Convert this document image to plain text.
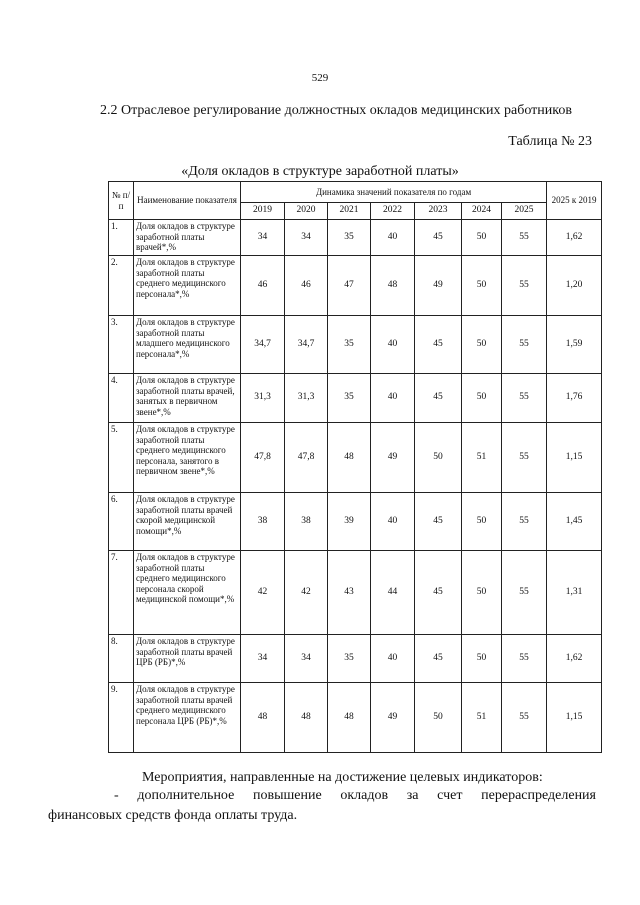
529
2.2 Отраслевое регулирование должностных окладов медицинских работников
Таблица № 23
«Доля окладов в структуре заработной платы»
№ п/п	Наименование показателя	Динамика значений показателя по годам							2025 к 2019
		2019	2020	2021	2022	2023	2024	2025	
1.	Доля окладов в структуре заработной платы врачей*,%	34	34	35	40	45	50	55	1,62
2.	Доля окладов в структуре заработной платы среднего медицинского персонала*,%	46	46	47	48	49	50	55	1,20
3.	Доля окладов в структуре заработной платы младшего медицинского персонала*,%	34,7	34,7	35	40	45	50	55	1,59
4.	Доля окладов в структуре заработной платы врачей, занятых в первичном звене*,%	31,3	31,3	35	40	45	50	55	1,76
5.	Доля окладов в структуре заработной платы среднего медицинского персонала, занятого в первичном звене*,%	47,8	47,8	48	49	50	51	55	1,15
6.	Доля окладов в структуре заработной платы врачей скорой медицинской помощи*,%	38	38	39	40	45	50	55	1,45
7.	Доля окладов в структуре заработной платы среднего медицинского персонала скорой медицинской помощи*,%	42	42	43	44	45	50	55	1,31
8.	Доля окладов в структуре заработной платы врачей ЦРБ (РБ)*,%	34	34	35	40	45	50	55	1,62
9.	Доля окладов в структуре заработной платы врачей среднего медицинского персонала ЦРБ (РБ)*,%	48	48	48	49	50	51	55	1,15
Мероприятия, направленные на достижение целевых индикаторов:
- дополнительное повышение окладов за счет перераспределения
финансовых средств фонда оплаты труда.
